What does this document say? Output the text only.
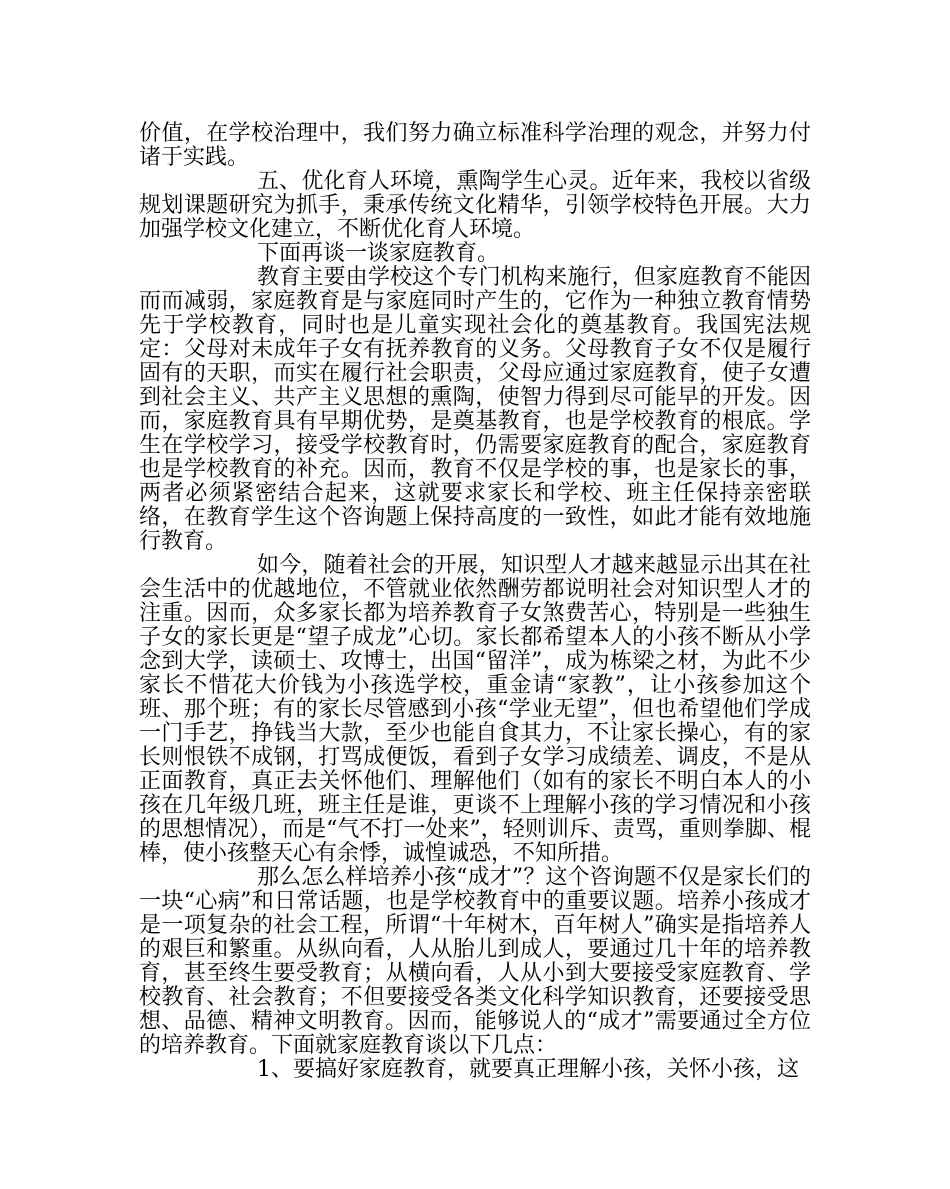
价值，在学校治理中，我们努力确立标准科学治理的观念，并努力付诸于实践。

五、优化育人环境，熏陶学生心灵。近年来，我校以省级规划课题研究为抓手，秉承传统文化精华，引领学校特色开展。大力加强学校文化建立，不断优化育人环境。

下面再谈一谈家庭教育。

教育主要由学校这个专门机构来施行，但家庭教育不能因而而减弱，家庭教育是与家庭同时产生的，它作为一种独立教育情势先于学校教育，同时也是儿童实现社会化的奠基教育。我国宪法规定：父母对未成年子女有抚养教育的义务。父母教育子女不仅是履行固有的天职，而实在履行社会职责，父母应通过家庭教育，使子女遭到社会主义、共产主义思想的熏陶，使智力得到尽可能早的开发。因而，家庭教育具有早期优势，是奠基教育，也是学校教育的根底。学生在学校学习，接受学校教育时，仍需要家庭教育的配合，家庭教育也是学校教育的补充。因而，教育不仅是学校的事，也是家长的事，两者必须紧密结合起来，这就要求家长和学校、班主任保持亲密联络，在教育学生这个咨询题上保持高度的一致性，如此才能有效地施行教育。

如今，随着社会的开展，知识型人才越来越显示出其在社会生活中的优越地位，不管就业依然酬劳都说明社会对知识型人才的注重。因而，众多家长都为培养教育子女煞费苦心，特别是一些独生子女的家长更是“望子成龙”心切。家长都希望本人的小孩不断从小学念到大学，读硕士、攻博士，出国“留洋”，成为栋梁之材，为此不少家长不惜花大价钱为小孩选学校，重金请“家教”，让小孩参加这个班、那个班；有的家长尽管感到小孩“学业无望”，但也希望他们学成一门手艺，挣钱当大款，至少也能自食其力，不让家长操心，有的家长则恨铁不成钢，打骂成便饭，看到子女学习成绩差、调皮，不是从正面教育，真正去关怀他们、理解他们（如有的家长不明白本人的小孩在几年级几班，班主任是谁，更谈不上理解小孩的学习情况和小孩的思想情况），而是“气不打一处来”，轻则训斥、责骂，重则拳脚、棍棒，使小孩整天心有余悸，诚惶诚恐，不知所措。

那么怎么样培养小孩“成才”？这个咨询题不仅是家长们的一块“心病”和日常话题，也是学校教育中的重要议题。培养小孩成才是一项复杂的社会工程，所谓“十年树木，百年树人”确实是指培养人的艰巨和繁重。从纵向看，人从胎儿到成人，要通过几十年的培养教育，甚至终生要受教育；从横向看，人从小到大要接受家庭教育、学校教育、社会教育；不但要接受各类文化科学知识教育，还要接受思想、品德、精神文明教育。因而，能够说人的“成才”需要通过全方位的培养教育。下面就家庭教育谈以下几点：

1、要搞好家庭教育，就要真正理解小孩，关怀小孩，这
